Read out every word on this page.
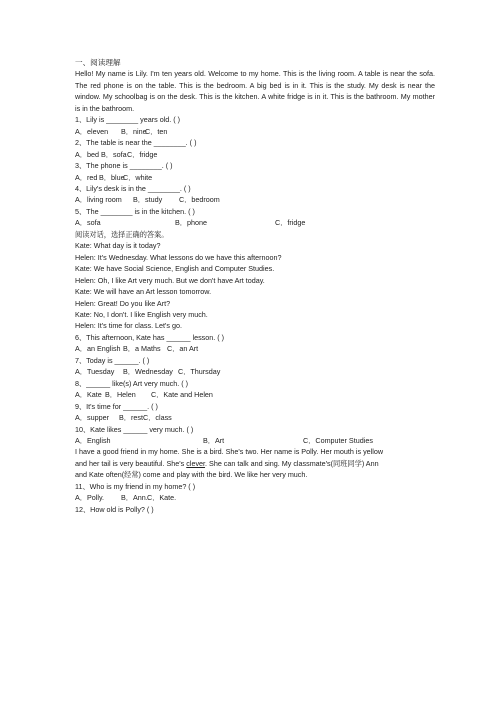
一、阅读理解
Hello! My name is Lily. I'm ten years old. Welcome to my home. This is the living room. A table is near the sofa. The red phone is on the table. This is the bedroom. A big bed is in it. This is the study. My desk is near the window. My schoolbag is on the desk. This is the kitchen. A white fridge is in it. This is the bathroom. My mother is in the bathroom.
1、Lily is ________ years old. ( )
A．eleven B．nineC．ten
2、The table is near the ________. ( )
A．bed B．sofaC．fridge
3、The phone is ________. ( )
A．red B．blueC．white
4、Lily's desk is in the ________. ( )
A．living room B．study C．bedroom
5、The ________ is in the kitchen. ( )
A．sofa	B．phone	C．fridge
阅读对话，选择正确的答案。
Kate: What day is it today?
Helen: It's Wednesday. What lessons do we have this afternoon?
Kate: We have Social Science, English and Computer Studies.
Helen: Oh, I like Art very much. But we don't have Art today.
Kate: We will have an Art lesson tomorrow.
Helen: Great! Do you like Art?
Kate: No, I don't. I like English very much.
Helen: It's time for class. Let's go.
6、This afternoon, Kate has ______ lesson. ( )
A．an English B．a Maths C．an Art
7、Today is ______. ( )
A．Tuesday B．Wednesday C．Thursday
8、______ like(s) Art very much. ( )
A．Kate B．Helen C．Kate and Helen
9、It's time for ______. ( )
A．supper B．restC．class
10、Kate likes ______ very much. ( )
A．English	B．Art	C．Computer Studies
I have a good friend in my home. She is a bird. She's two. Her name is Polly. Her mouth is yellow
and her tail is very beautiful. She's clever. She can talk and sing. My classmate's(同班同学) Ann
and Kate often(经常) come and play with the bird. We like her very much.
11、Who is my friend in my home? ( )
A．Polly. B．Ann.C．Kate.
12、How old is Polly? ( )
